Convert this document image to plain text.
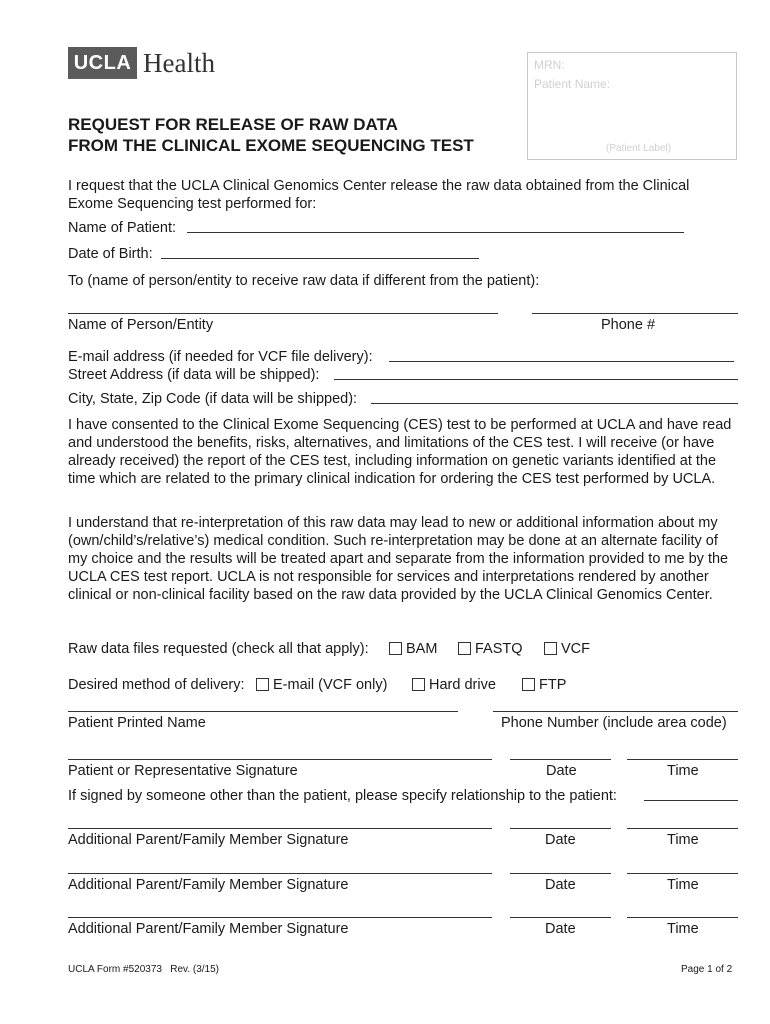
UCLA Health	MRN:
Patient Name:
(Patient Label)
REQUEST FOR RELEASE OF RAW DATA
FROM THE CLINICAL EXOME SEQUENCING TEST
I request that the UCLA Clinical Genomics Center release the raw data obtained from the Clinical Exome Sequencing test performed for:
Name of Patient:
Date of Birth:
To (name of person/entity to receive raw data if different from the patient):
Name of Person/Entity	Phone #
E-mail address (if needed for VCF file delivery):
Street Address (if data will be shipped):
City, State, Zip Code (if data will be shipped):
I have consented to the Clinical Exome Sequencing (CES) test to be performed at UCLA and have read and understood the benefits, risks, alternatives, and limitations of the CES test. I will receive (or have already received) the report of the CES test, including information on genetic variants identified at the time which are related to the primary clinical indication for ordering the CES test performed by UCLA.
I understand that re-interpretation of this raw data may lead to new or additional information about my (own/child’s/relative’s) medical condition. Such re-interpretation may be done at an alternate facility of my choice and the results will be treated apart and separate from the information provided to me by the UCLA CES test report. UCLA is not responsible for services and interpretations rendered by another clinical or non-clinical facility based on the raw data provided by the UCLA Clinical Genomics Center.
Raw data files requested (check all that apply):	BAM	FASTQ	VCF
Desired method of delivery:	E-mail (VCF only)	Hard drive	FTP
Patient Printed Name	Phone Number (include area code)
Patient or Representative Signature	Date	Time
If signed by someone other than the patient, please specify relationship to the patient:
Additional Parent/Family Member Signature	Date	Time
Additional Parent/Family Member Signature	Date	Time
Additional Parent/Family Member Signature	Date	Time
UCLA Form #520373   Rev. (3/15)	Page 1 of 2
